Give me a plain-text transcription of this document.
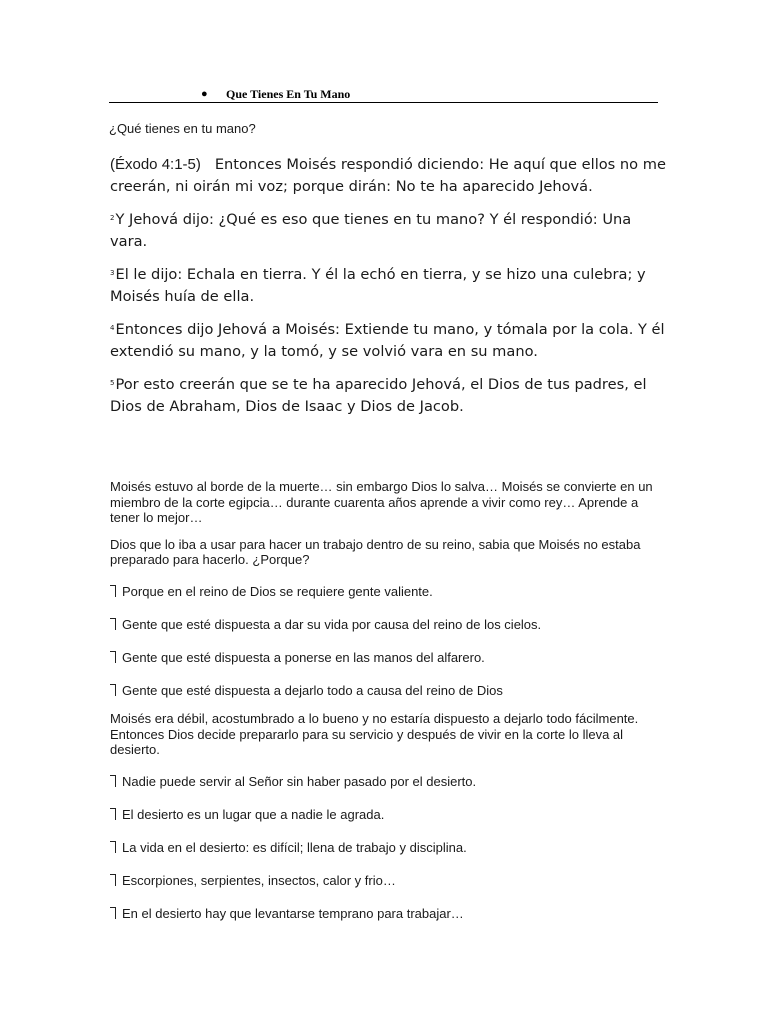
● Que Tienes En Tu Mano
¿Qué tienes en tu mano?

(Éxodo 4:1-5) Entonces Moisés respondió diciendo: He aquí que ellos no me creerán, ni oirán mi voz; porque dirán: No te ha aparecido Jehová.

$^2$Y Jehová dijo: ¿Qué es eso que tienes en tu mano? Y él respondió: Una vara.

$^3$El le dijo: Echala en tierra. Y él la echó en tierra, y se hizo una culebra; y Moisés huía de ella.

$^4$Entonces dijo Jehová a Moisés: Extiende tu mano, y tómala por la cola. Y él extendió su mano, y la tomó, y se volvió vara en su mano.

$^5$Por esto creerán que se te ha aparecido Jehová, el Dios de tus padres, el Dios de Abraham, Dios de Isaac y Dios de Jacob.

Moisés estuvo al borde de la muerte… sin embargo Dios lo salva… Moisés se convierte en un miembro de la corte egipcia… durante cuarenta años aprende a vivir como rey… Aprende a tener lo mejor…

Dios que lo iba a usar para hacer un trabajo dentro de su reino, sabia que Moisés no estaba preparado para hacerlo. ¿Porque?

Porque en el reino de Dios se requiere gente valiente.
Gente que esté dispuesta a dar su vida por causa del reino de los cielos.
Gente que esté dispuesta a ponerse en las manos del alfarero.
Gente que esté dispuesta a dejarlo todo a causa del reino de Dios

Moisés era débil, acostumbrado a lo bueno y no estaría dispuesto a dejarlo todo fácilmente. Entonces Dios decide prepararlo para su servicio y después de vivir en la corte lo lleva al desierto.

Nadie puede servir al Señor sin haber pasado por el desierto.
El desierto es un lugar que a nadie le agrada.
La vida en el desierto: es difícil; llena de trabajo y disciplina.
Escorpiones, serpientes, insectos, calor y frio…
En el desierto hay que levantarse temprano para trabajar…
